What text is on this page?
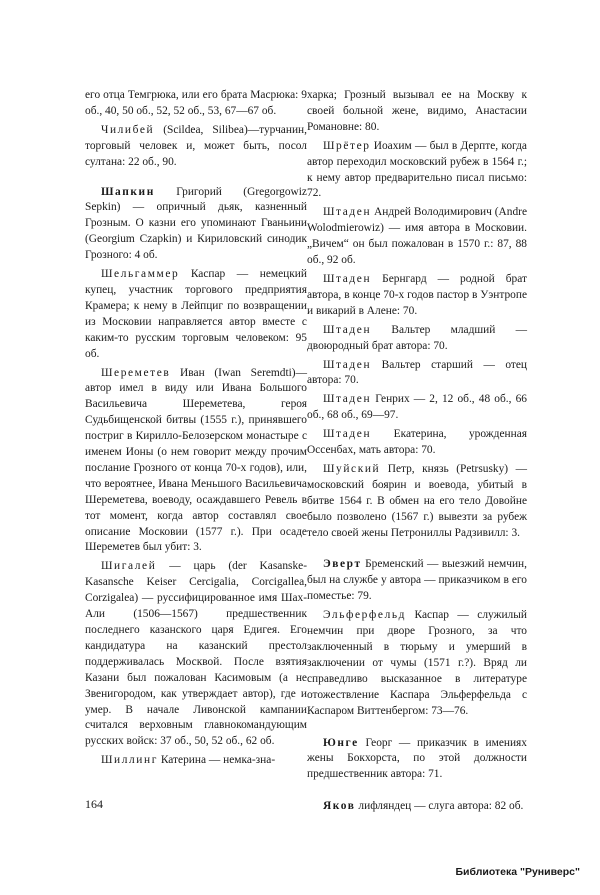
его отца Темгрюка, или его брата Масрюка: 9 об., 40, 50 об., 52, 52 об., 53, 67—67 об.

Чилибей (Scildea, Silibea)—турчанин, торговый человек и, может быть, посол султана: 22 об., 90.

Шапкин Григорий (Gregorgowiz Sepkin) — опричный дьяк, казненный Грозным. О казни его упоминают Гваньини (Georgium Czapkin) и Кириловский синодик Грозного: 4 об.

Шельгаммер Каспар — немецкий купец, участник торгового предприятия Крамера; к нему в Лейпциг по возвращении из Московии направляется автор вместе с каким-то русским торговым человеком: 95 об.

Шереметев Иван (Iwan Seremdti)—автор имел в виду или Ивана Большого Васильевича Шереметева, героя Судьбищенской битвы (1555 г.), принявшего постриг в Кирилло-Белозерском монастыре с именем Ионы (о нем говорит между прочим послание Грозного от конца 70-х годов), или, что вероятнее, Ивана Меньшого Васильевича Шереметева, воеводу, осаждавшего Ревель в тот момент, когда автор составлял свое описание Московии (1577 г.). При осаде Шереметев был убит: 3.

Шигалей — царь (der Kasanske-Kasansche Keiser Cercigalia, Corcigallea, Corzigalea) — руссифицированное имя Шах-Али (1506—1567) предшественник последнего казанского царя Едигея. Его кандидатура на казанский престол поддерживалась Москвой. После взятия Казани был пожалован Касимовым (а не Звенигородом, как утверждает автор), где и умер. В начале Ливонской кампании считался верховным главнокомандующим русских войск: 37 об., 50, 52 об., 62 об.

Шиллинг Катерина — немка-зна-

харка; Грозный вызывал ее на Москву к своей больной жене, видимо, Анастасии Романовне: 80.

Шрётер Иоахим — был в Дерпте, когда автор переходил московский рубеж в 1564 г.; к нему автор предварительно писал письмо: 72.

Штаден Андрей Володимирович (Andre Wolodmierowiz) — имя автора в Московии. „Вичем“ он был пожалован в 1570 г.: 87, 88 об., 92 об.

Штаден Бернгард — родной брат автора, в конце 70-х годов пастор в Уэнтропе и викарий в Алене: 70.

Штаден Вальтер младший — двоюродный брат автора: 70.

Штаден Вальтер старший — отец автора: 70.

Штаден Генрих — 2, 12 об., 48 об., 66 об., 68 об., 69—97.

Штаден Екатерина, урожденная Оссенбах, мать автора: 70.

Шуйский Петр, князь (Petrsusky) — московский боярин и воевода, убитый в битве 1564 г. В обмен на его тело Довойне было позволено (1567 г.) вывезти за рубеж тело своей жены Петрониллы Радзивилл: 3.

Эверт Бременский — выезжий немчин, был на службе у автора — приказчиком в его поместье: 79.

Эльферфельд Каспар — служилый немчин при дворе Грозного, за что заключенный в тюрьму и умерший в заключении от чумы (1571 г.?). Вряд ли справедливо высказанное в литературе отожествление Каспара Эльферфельда с Каспаром Виттенбергом: 73—76.

Юнге Георг — приказчик в имениях жены Бокхорста, по этой должности предшественник автора: 71.

Яков лифляндец — слуга автора: 82 об.

164
Библиотека "Руниверс"
